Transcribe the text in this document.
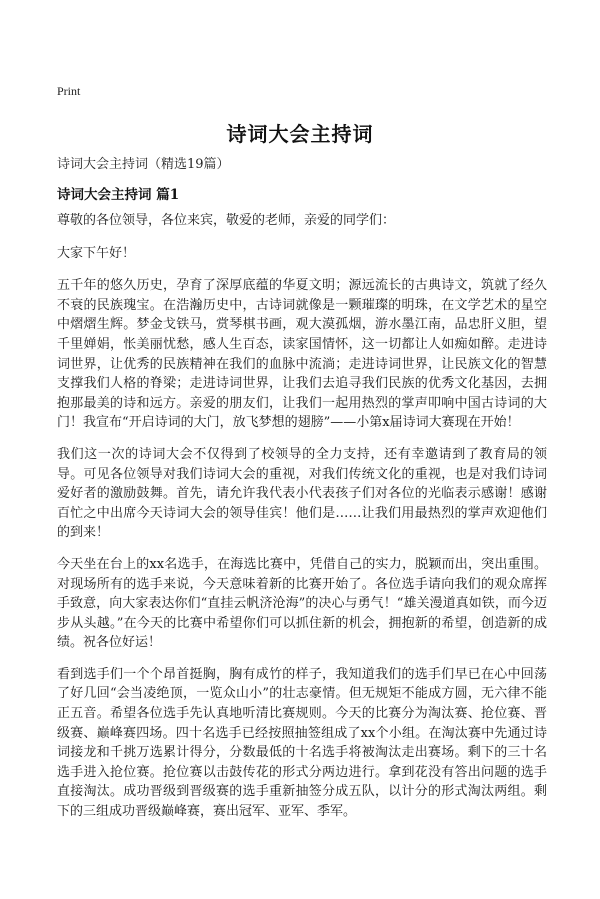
Print
诗词大会主持词
诗词大会主持词（精选19篇）
诗词大会主持词 篇1

尊敬的各位领导，各位来宾，敬爱的老师，亲爱的同学们：

大家下午好！

五千年的悠久历史，孕育了深厚底蕴的华夏文明；源远流长的古典诗文，筑就了经久不衰的民族瑰宝。在浩瀚历史中，古诗词就像是一颗璀璨的明珠，在文学艺术的星空中熠熠生辉。梦金戈铁马，赏琴棋书画，观大漠孤烟，游水墨江南，品忠肝义胆，望千里婵娟，怅美丽忧愁，感人生百态，读家国情怀，这一切都让人如痴如醉。走进诗词世界，让优秀的民族精神在我们的血脉中流淌；走进诗词世界，让民族文化的智慧支撑我们人格的脊梁；走进诗词世界，让我们去追寻我们民族的优秀文化基因，去拥抱那最美的诗和远方。亲爱的朋友们，让我们一起用热烈的掌声叩响中国古诗词的大门！我宣布“开启诗词的大门，放飞梦想的翅膀”——小第x届诗词大赛现在开始！

我们这一次的诗词大会不仅得到了校领导的全力支持，还有幸邀请到了教育局的领导。可见各位领导对我们诗词大会的重视，对我们传统文化的重视，也是对我们诗词爱好者的激励鼓舞。首先，请允许我代表小代表孩子们对各位的光临表示感谢！感谢百忙之中出席今天诗词大会的领导佳宾！他们是……让我们用最热烈的掌声欢迎他们的到来！

今天坐在台上的xx名选手，在海选比赛中，凭借自己的实力，脱颖而出，突出重围。对现场所有的选手来说，今天意味着新的比赛开始了。各位选手请向我们的观众席挥手致意，向大家表达你们“直挂云帆济沧海”的决心与勇气！“雄关漫道真如铁，而今迈步从头越。”在今天的比赛中希望你们可以抓住新的机会，拥抱新的希望，创造新的成绩。祝各位好运！

看到选手们一个个昂首挺胸，胸有成竹的样子，我知道我们的选手们早已在心中回荡了好几回“会当凌绝顶，一览众山小”的壮志豪情。但无规矩不能成方圆，无六律不能正五音。希望各位选手先认真地听清比赛规则。今天的比赛分为淘汰赛、抢位赛、晋级赛、巅峰赛四场。四十名选手已经按照抽签组成了xx个小组。在淘汰赛中先通过诗词接龙和千挑万选累计得分，分数最低的十名选手将被淘汰走出赛场。剩下的三十名选手进入抢位赛。抢位赛以击鼓传花的形式分两边进行。拿到花没有答出问题的选手直接淘汰。成功晋级到晋级赛的选手重新抽签分成五队，以计分的形式淘汰两组。剩下的三组成功晋级巅峰赛，赛出冠军、亚军、季军。
